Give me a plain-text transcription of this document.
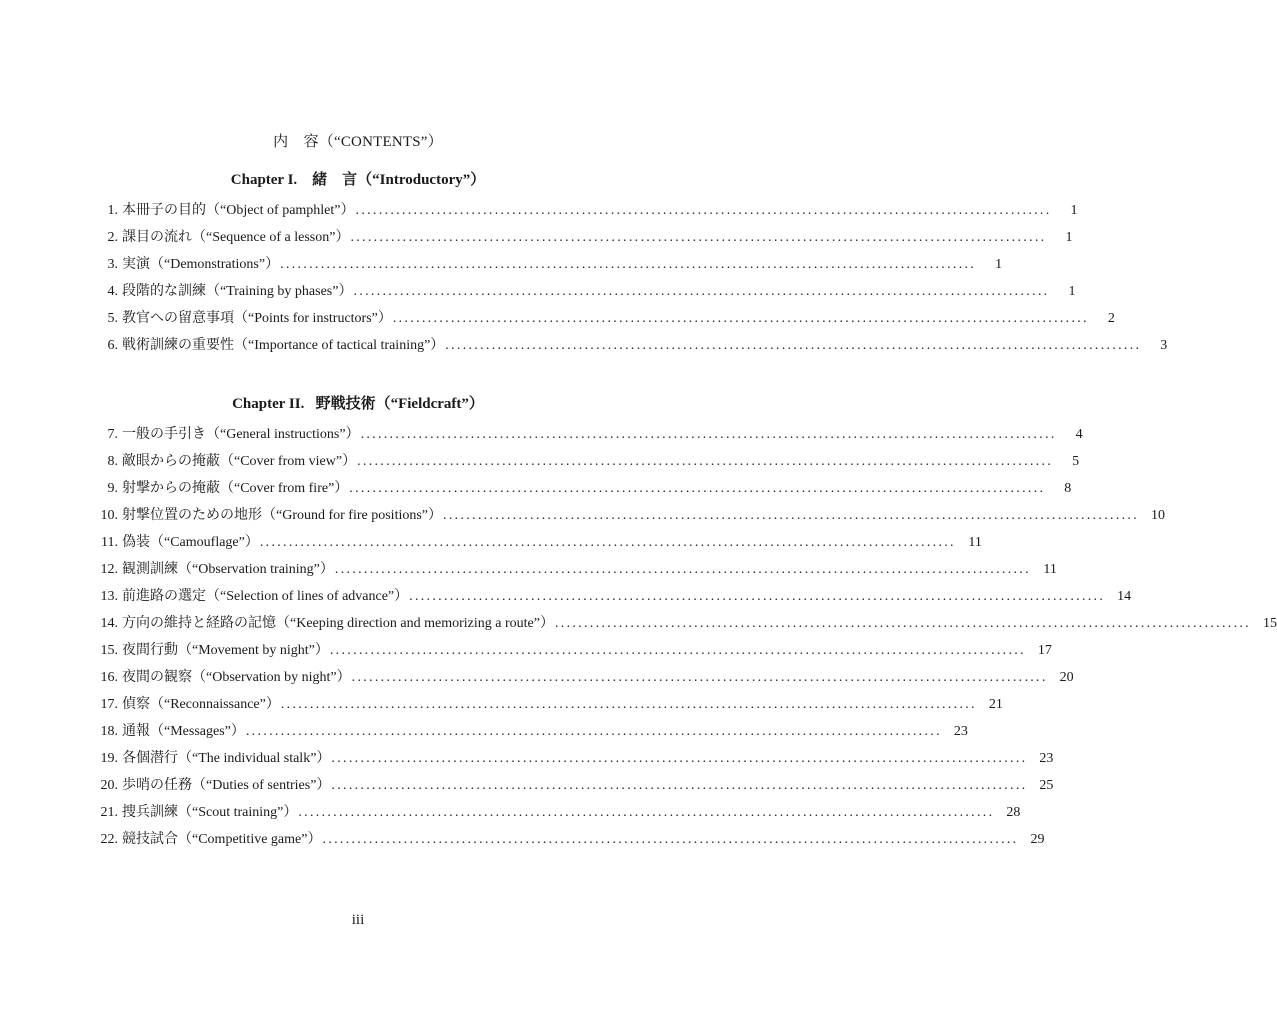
内　容（“CONTENTS”）
Chapter I. 緒　言（“Introductory”）
1. 本冊子の目的（“Object of pamphlet”） ........................................................................................................................	1
2. 課目の流れ（“Sequence of a lesson”） ........................................................................................................................	1
3. 実演（“Demonstrations”） ........................................................................................................................	1
4. 段階的な訓練（“Training by phases”） ........................................................................................................................	1
5. 教官への留意事項（“Points for instructors”） ........................................................................................................................	2
6. 戦術訓練の重要性（“Importance of tactical training”） ........................................................................................................................	3
Chapter II. 野戦技術（“Fieldcraft”）
7. 一般の手引き（“General instructions”） ........................................................................................................................	4
8. 敵眼からの掩蔽（“Cover from view”） ........................................................................................................................	5
9. 射撃からの掩蔽（“Cover from fire”） ........................................................................................................................	8
10. 射撃位置のための地形（“Ground for fire positions”） ........................................................................................................................ 10
11. 偽装（“Camouflage”） ........................................................................................................................ 11
12. 観測訓練（“Observation training”） ........................................................................................................................ 11
13. 前進路の選定（“Selection of lines of advance”） ........................................................................................................................ 14
14. 方向の維持と経路の記憶（“Keeping direction and memorizing a route”） ........................................................................................................................ 15
15. 夜間行動（“Movement by night”） ........................................................................................................................ 17
16. 夜間の観察（“Observation by night”） ........................................................................................................................ 20
17. 偵察（“Reconnaissance”） ........................................................................................................................ 21
18. 通報（“Messages”） ........................................................................................................................ 23
19. 各個潜行（“The individual stalk”） ........................................................................................................................ 23
20. 歩哨の任務（“Duties of sentries”） ........................................................................................................................ 25
21. 捜兵訓練（“Scout training”） ........................................................................................................................ 28
22. 競技試合（“Competitive game”） ........................................................................................................................ 29
iii
